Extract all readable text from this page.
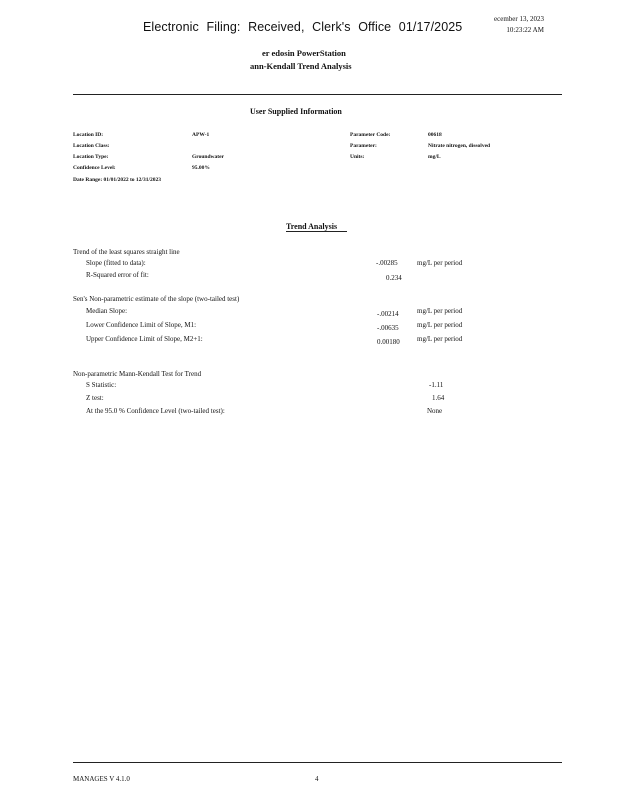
Electronic Filing: Received, Clerk's Office 01/17/2025
ecember 13, 2023
10:23:22 AM
er edosin PowerStation
ann-Kendall Trend Analysis
User Supplied Information
Location ID:	APW-1
Location Class:
Location Type:	Groundwater
Confidence Level:	95.00%
Date Range: 01/01/2022 to 12/31/2023
Parameter Code:	00618
Parameter:	Nitrate nitrogen, dissolved
Units:	mg/L
Trend Analysis
Trend of the least squares straight line
Slope (fitted to data):	-.00285	mg/L per period
R-Squared error of fit:	0.234
Sen's Non-parametric estimate of the slope (two-tailed test)
Median Slope:	-.00214	mg/L per period
Lower Confidence Limit of Slope, M1:	-.00635	mg/L per period
Upper Confidence Limit of Slope, M2+1:	0.00180 mg/L per period
Non-parametric Mann-Kendall Test for Trend
S Statistic:	-1.11
Z test:	1.64
At the 95.0 % Confidence Level (two-tailed test):	None
MANAGES V 4.1.0	4
